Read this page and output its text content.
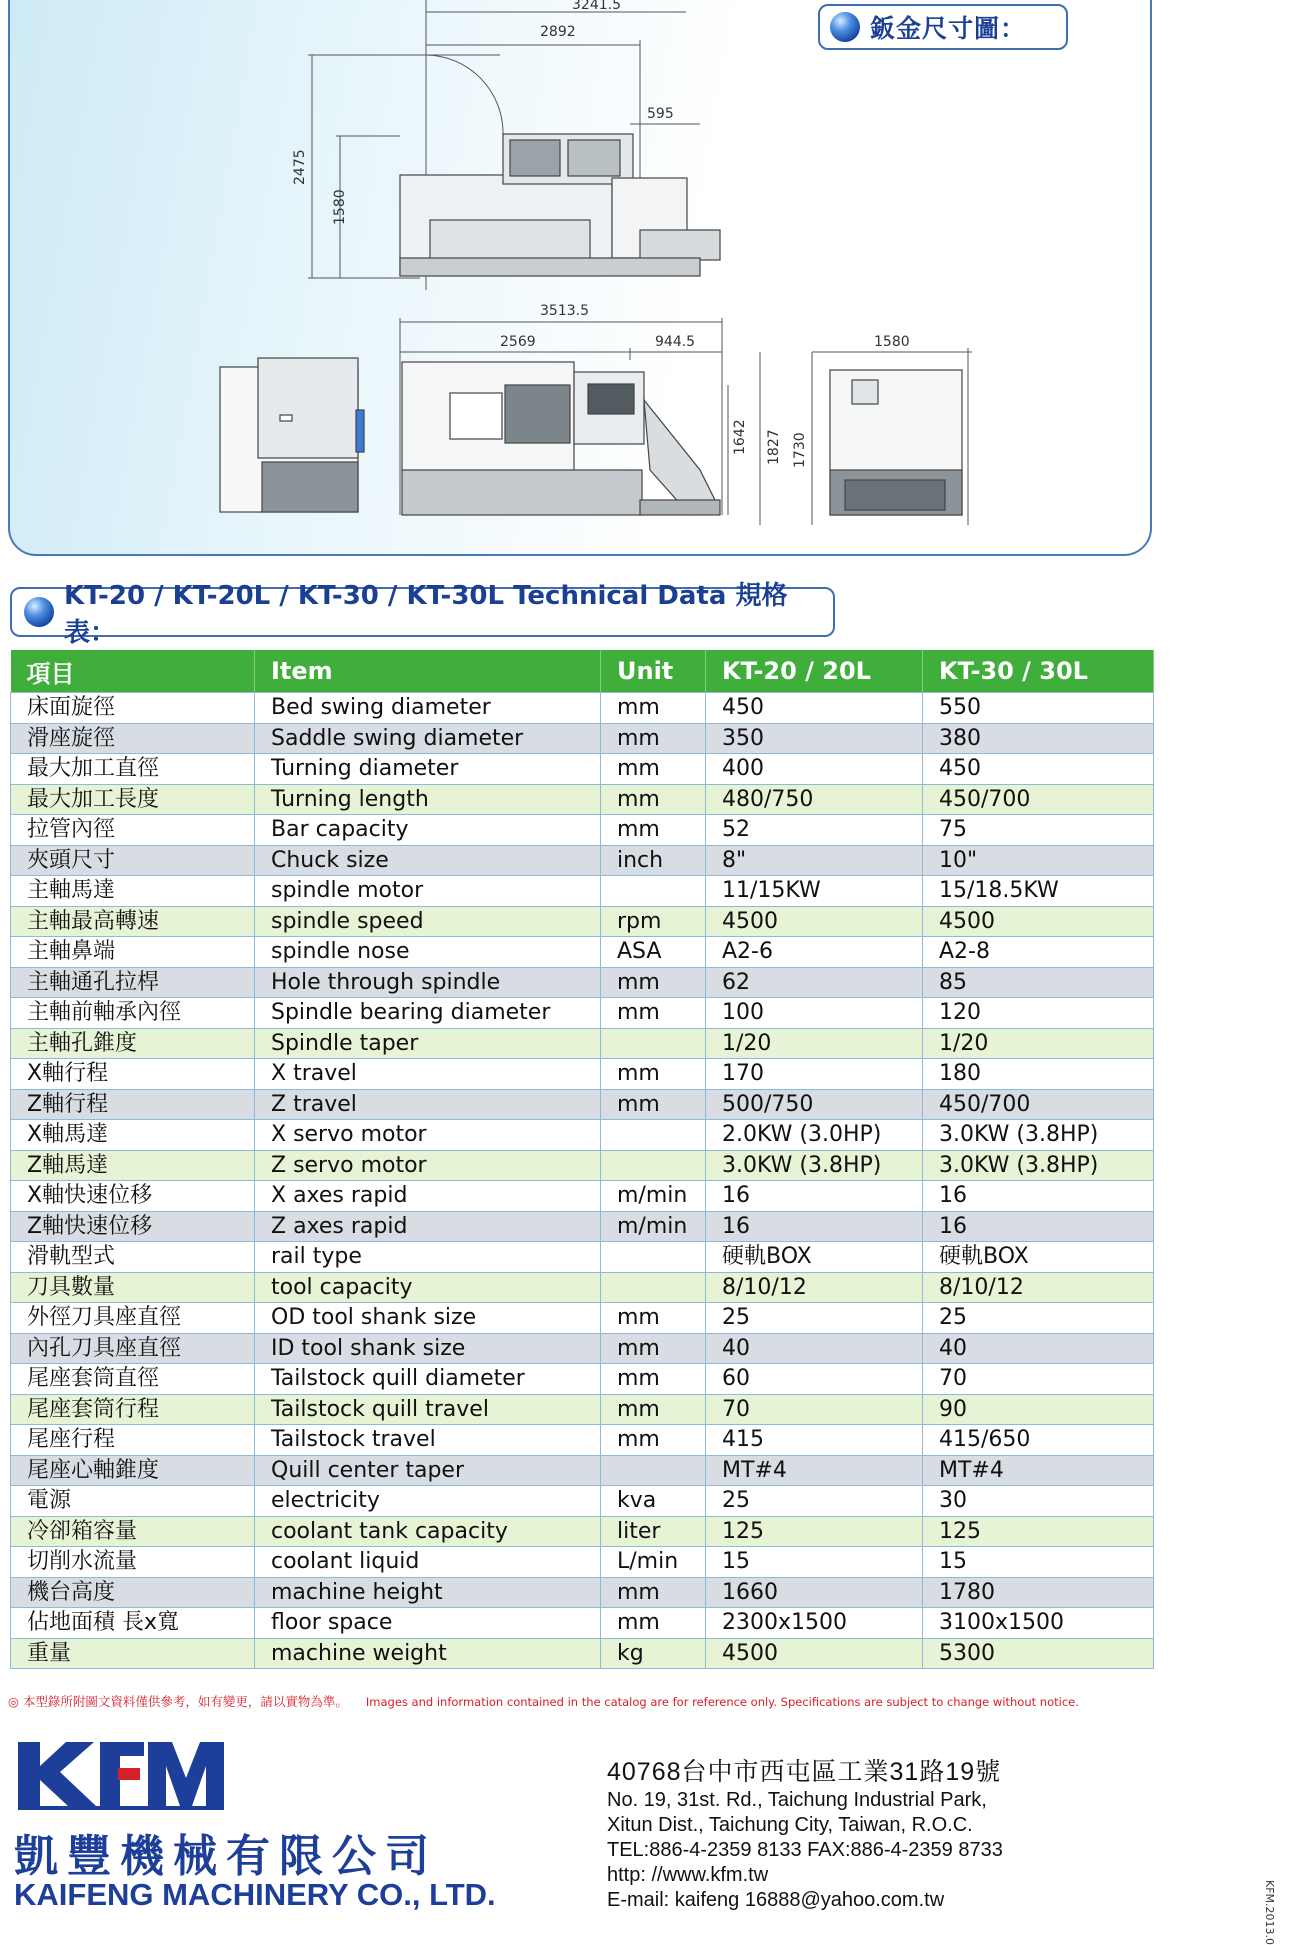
3241.5
2892
595
2475
1580
3513.5
2569	944.5
1642 1827 1730
1580
鈑金尺寸圖：
KT-20 / KT-20L / KT-30 / KT-30L Technical Data 規格表：
項目	Item	Unit	KT-20 / 20L	KT-30 / 30L
床面旋徑	Bed swing diameter	mm	450	550
滑座旋徑	Saddle swing diameter	mm	350	380
最大加工直徑	Turning diameter	mm	400	450
最大加工長度	Turning length	mm	480/750	450/700
拉管內徑	Bar capacity	mm	52	75
夾頭尺寸	Chuck size	inch	8"	10"
主軸馬達	spindle motor		11/15KW	15/18.5KW
主軸最高轉速	spindle speed	rpm	4500	4500
主軸鼻端	spindle nose	ASA	A2-6	A2-8
主軸通孔拉桿	Hole through spindle	mm	62	85
主軸前軸承內徑	Spindle bearing diameter	mm	100	120
主軸孔錐度	Spindle taper		1/20	1/20
X軸行程	X travel	mm	170	180
Z軸行程	Z travel	mm	500/750	450/700
X軸馬達	X servo motor		2.0KW (3.0HP)	3.0KW (3.8HP)
Z軸馬達	Z servo motor		3.0KW (3.8HP)	3.0KW (3.8HP)
X軸快速位移	X axes rapid	m/min	16	16
Z軸快速位移	Z axes rapid	m/min	16	16
滑軌型式	rail type		硬軌BOX	硬軌BOX
刀具數量	tool capacity		8/10/12	8/10/12
外徑刀具座直徑	OD tool shank size	mm	25	25
內孔刀具座直徑	ID tool shank size	mm	40	40
尾座套筒直徑	Tailstock quill diameter	mm	60	70
尾座套筒行程	Tailstock quill travel	mm	70	90
尾座行程	Tailstock travel	mm	415	415/650
尾座心軸錐度	Quill center taper		MT#4	MT#4
電源	electricity	kva	25	30
冷卻箱容量	coolant tank capacity	liter	125	125
切削水流量	coolant liquid	L/min	15	15
機台高度	machine height	mm	1660	1780
佔地面積 長x寬	floor space	mm	2300x1500	3100x1500
重量	machine weight	kg	4500	5300
◎ 本型錄所附圖文資料僅供參考，如有變更，請以實物為準。 Images and information contained in the catalog are for reference only. Specifications are subject to change without notice.
凱豐機械有限公司
KAIFENG MACHINERY CO., LTD.
40768台中市西屯區工業31路19號
No. 19, 31st. Rd., Taichung Industrial Park,
Xitun Dist., Taichung City, Taiwan, R.O.C.
TEL:886-4-2359 8133 FAX:886-4-2359 8733
http: //www.kfm.tw
E-mail: kaifeng 16888@yahoo.com.tw	KFM.2013.0
